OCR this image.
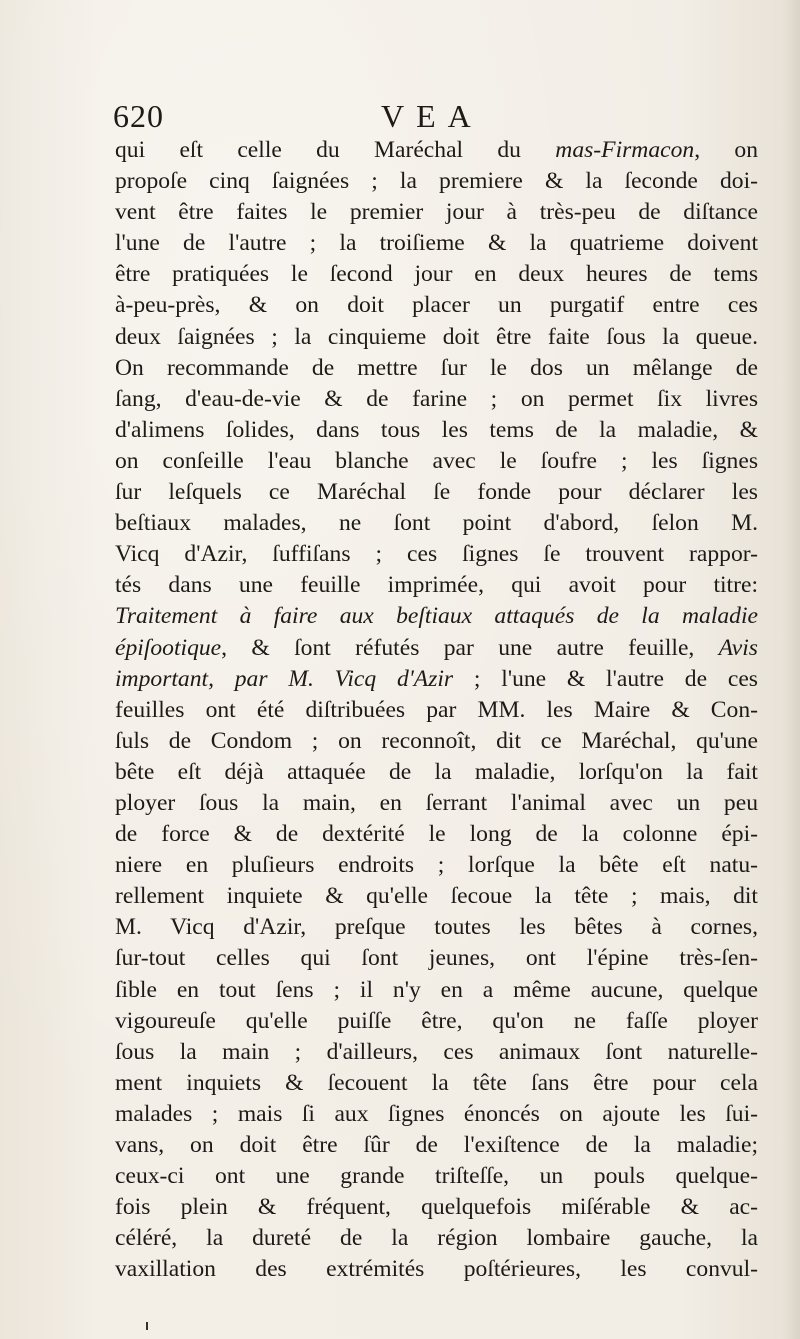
620	VEA
qui eſt celle du Maréchal du mas-Firmacon, on
propoſe cinq ſaignées ; la premiere & la ſeconde doi-
vent être faites le premier jour à très-peu de diſtance
l'une de l'autre ; la troiſieme & la quatrieme doivent
être pratiquées le ſecond jour en deux heures de tems
à-peu-près, & on doit placer un purgatif entre ces
deux ſaignées ; la cinquieme doit être faite ſous la queue.
On recommande de mettre ſur le dos un mêlange de
ſang, d'eau-de-vie & de farine ; on permet ſix livres
d'alimens ſolides, dans tous les tems de la maladie, &
on conſeille l'eau blanche avec le ſoufre ; les ſignes
ſur leſquels ce Maréchal ſe fonde pour déclarer les
beſtiaux malades, ne ſont point d'abord, ſelon M.
Vicq d'Azir, ſuffiſans ; ces ſignes ſe trouvent rappor-
tés dans une feuille imprimée, qui avoit pour titre:
Traitement à faire aux beſtiaux attaqués de la maladie
épiſootique, & ſont réfutés par une autre feuille, Avis
important, par M. Vicq d'Azir ; l'une & l'autre de ces
feuilles ont été diſtribuées par MM. les Maire & Con-
ſuls de Condom ; on reconnoît, dit ce Maréchal, qu'une
bête eſt déjà attaquée de la maladie, lorſqu'on la fait
ployer ſous la main, en ſerrant l'animal avec un peu
de force & de dextérité le long de la colonne épi-
niere en pluſieurs endroits ; lorſque la bête eſt natu-
rellement inquiete & qu'elle ſecoue la tête ; mais, dit
M. Vicq d'Azir, preſque toutes les bêtes à cornes,
ſur-tout celles qui ſont jeunes, ont l'épine très-ſen-
ſible en tout ſens ; il n'y en a même aucune, quelque
vigoureuſe qu'elle puiſſe être, qu'on ne faſſe ployer
ſous la main ; d'ailleurs, ces animaux ſont naturelle-
ment inquiets & ſecouent la tête ſans être pour cela
malades ; mais ſi aux ſignes énoncés on ajoute les ſui-
vans, on doit être ſûr de l'exiſtence de la maladie;
ceux-ci ont une grande triſteſſe, un pouls quelque-
fois plein & fréquent, quelquefois miſérable & ac-
céléré, la dureté de la région lombaire gauche, la
vaxillation des extrémités poſtérieures, les convul-
